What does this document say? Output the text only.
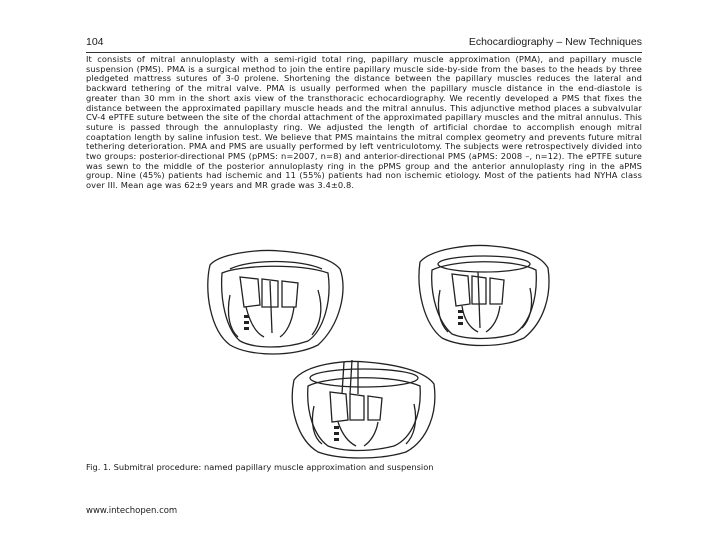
104	Echocardiography – New Techniques
It consists of mitral annuloplasty with a semi-rigid total ring, papillary muscle approximation (PMA), and papillary muscle suspension (PMS). PMA is a surgical method to join the entire papillary muscle side-by-side from the bases to the heads by three pledgeted mattress sutures of 3-0 prolene. Shortening the distance between the papillary muscles reduces the lateral and backward tethering of the mitral valve. PMA is usually performed when the papillary muscle distance in the end-diastole is greater than 30 mm in the short axis view of the transthoracic echocardiography. We recently developed a PMS that fixes the distance between the approximated papillary muscle heads and the mitral annulus. This adjunctive method places a subvalvular CV-4 ePTFE suture between the site of the chordal attachment of the approximated papillary muscles and the mitral annulus. This suture is passed through the annuloplasty ring. We adjusted the length of artificial chordae to accomplish enough mitral coaptation length by saline infusion test. We believe that PMS maintains the mitral complex geometry and prevents future mitral tethering deterioration. PMA and PMS are usually performed by left ventriculotomy. The subjects were retrospectively divided into two groups: posterior-directional PMS (pPMS: n=2007, n=8) and anterior-directional PMS (aPMS: 2008 –, n=12). The ePTFE suture was sewn to the middle of the posterior annuloplasty ring in the pPMS group and the anterior annuloplasty ring in the aPMS group. Nine (45%) patients had ischemic and 11 (55%) patients had non ischemic etiology. Most of the patients had NYHA class over III. Mean age was 62±9 years and MR grade was 3.4±0.8.
Fig. 1. Submitral procedure: named papillary muscle approximation and suspension
www.intechopen.com
